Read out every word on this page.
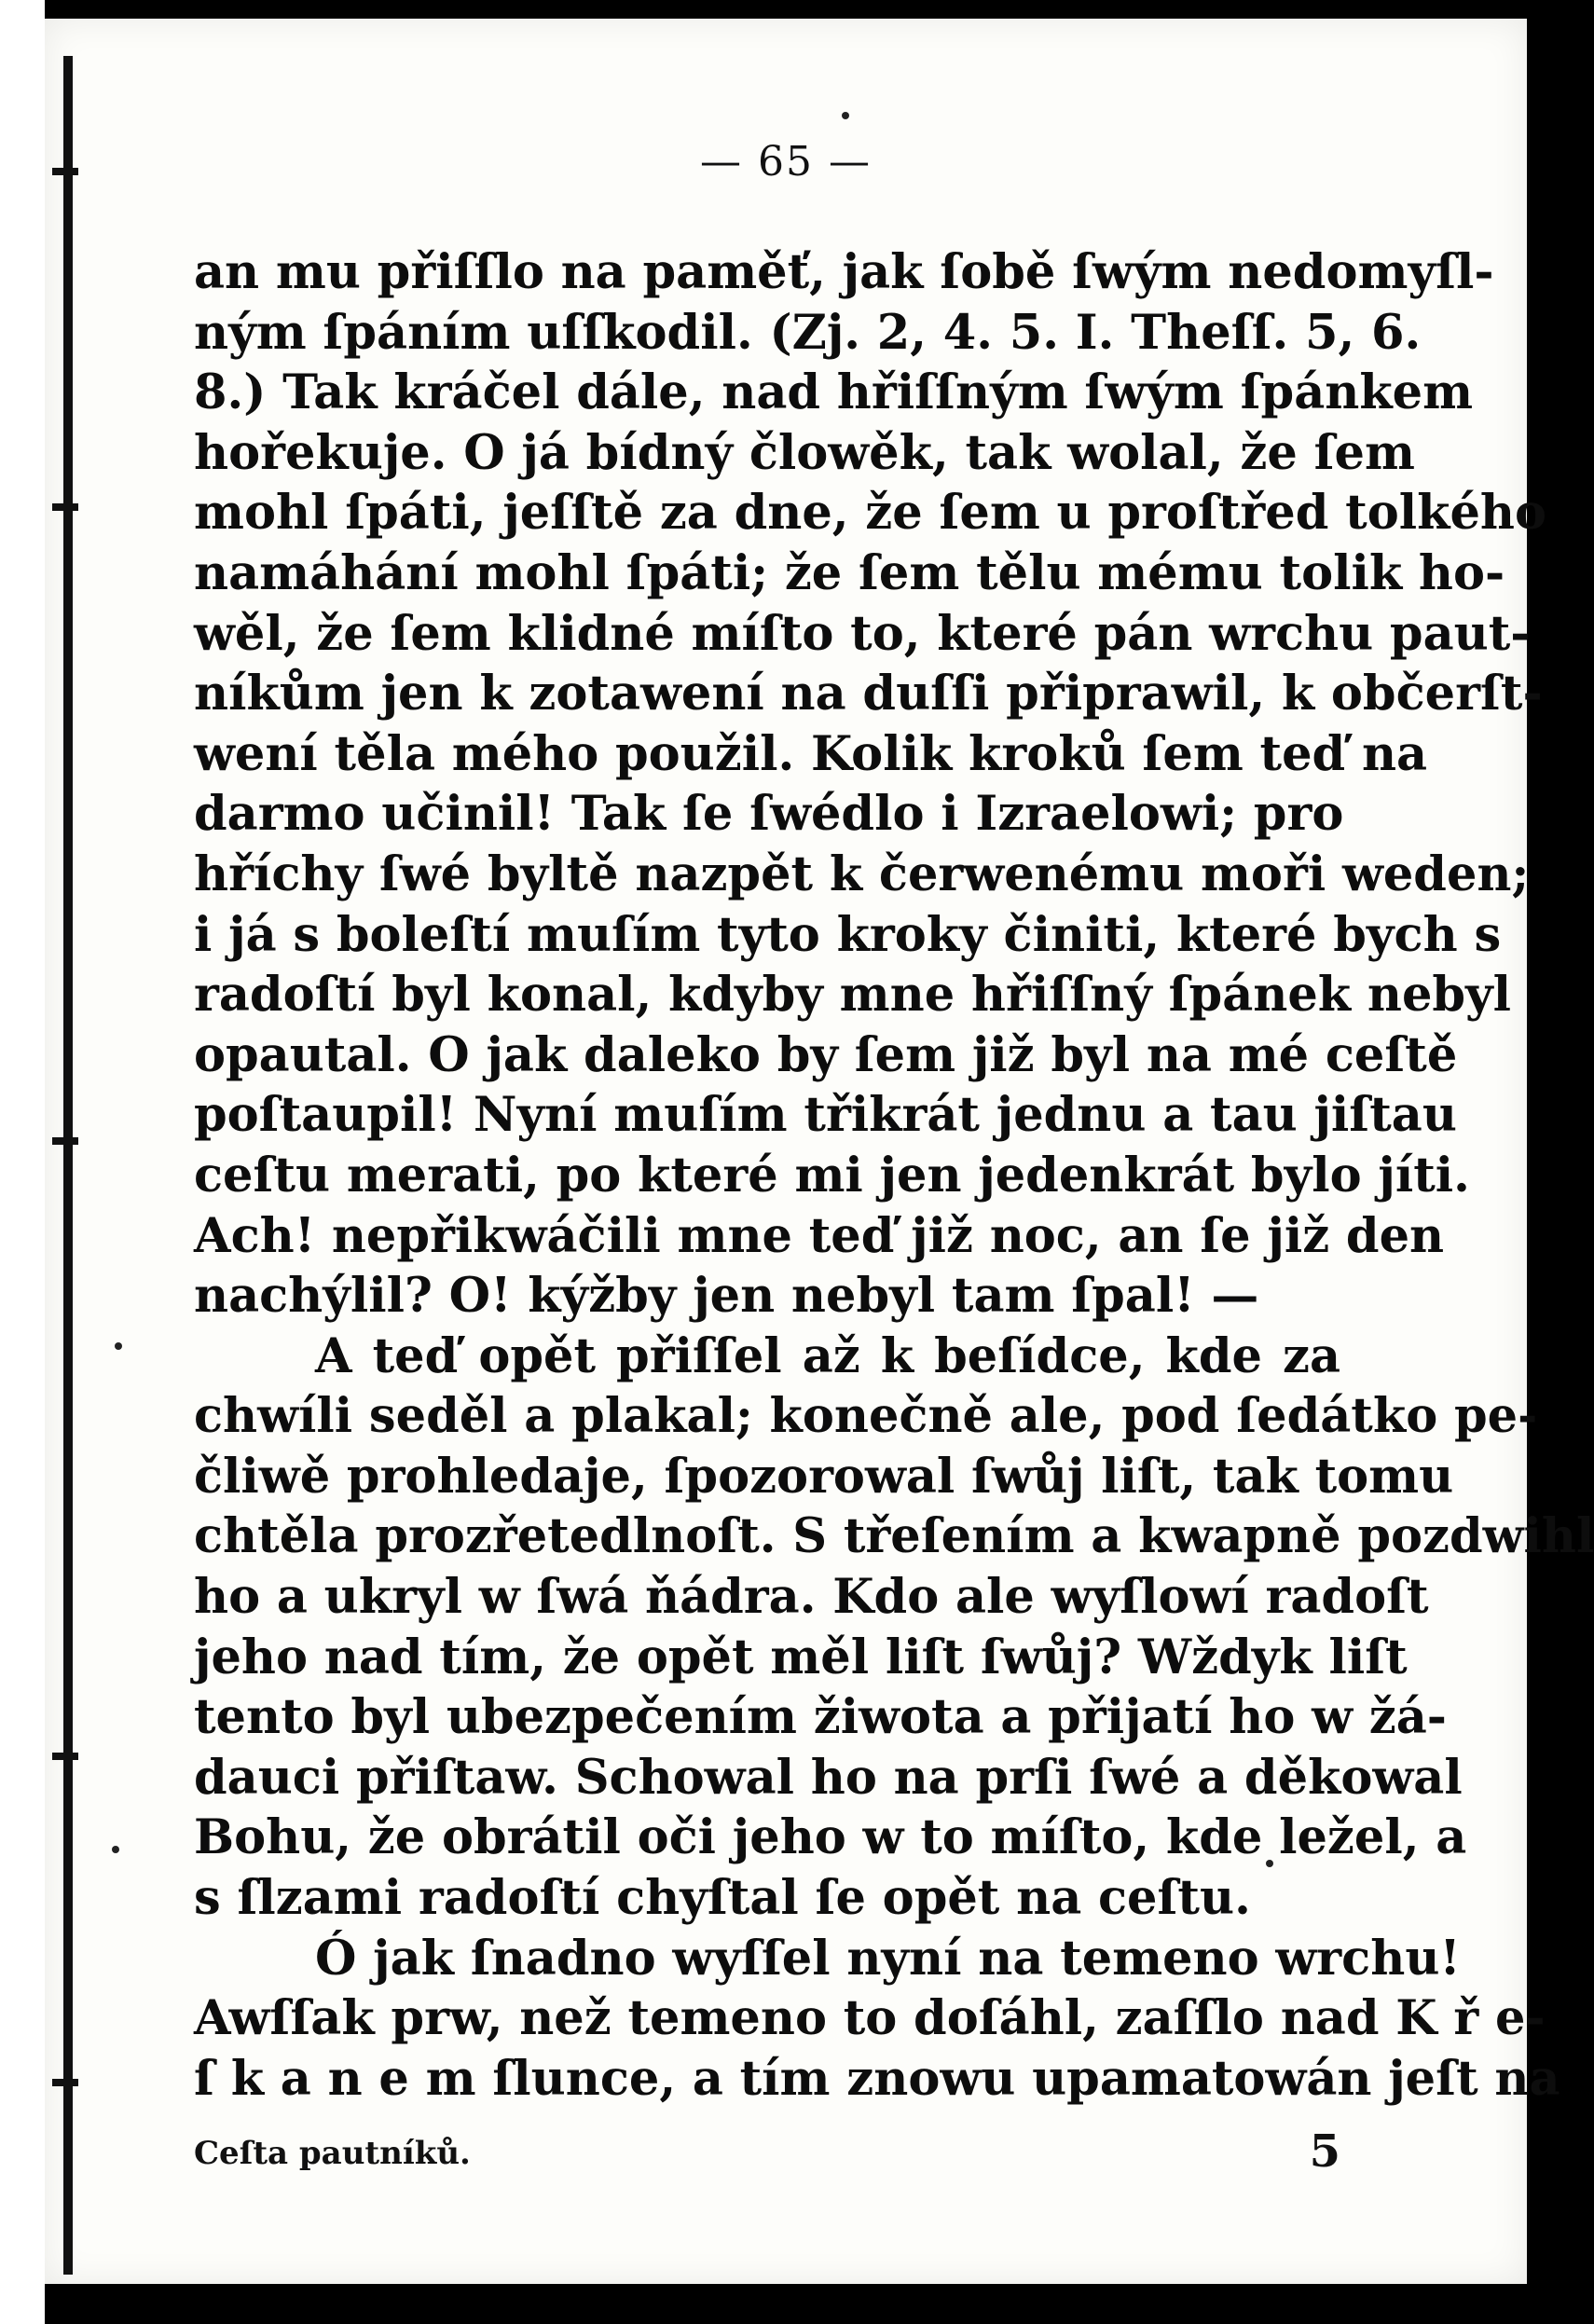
— 65 —
an mu přiſſlo na paměť, jak ſobě ſwým nedomyſl-
ným ſpáním uſſkodil. (Zj. 2, 4. 5. I. Theſſ. 5, 6.
8.) Tak kráčel dále, nad hřiſſným ſwým ſpánkem
hořekuje. O já bídný člowěk, tak wolal, že ſem
mohl ſpáti, jeſſtě za dne, že ſem u proſtřed tolkého
namáhání mohl ſpáti; že ſem tělu mému tolik ho-
wěl, že ſem klidné míſto to, které pán wrchu paut-
níkům jen k zotawení na duſſi připrawil, k občerſt-
wení těla mého použil. Kolik kroků ſem teď na
darmo učinil! Tak ſe ſwédlo i Izraelowi; pro
hříchy ſwé byltě nazpět k čerwenému moři weden;
i já s boleſtí muſím tyto kroky činiti, které bych s
radoſtí byl konal, kdyby mne hřiſſný ſpánek nebyl
opautal. O jak daleko by ſem již byl na mé ceſtě
poſtaupil! Nyní muſím třikrát jednu a tau jiſtau
ceſtu merati, po které mi jen jedenkrát bylo jíti.
Ach! nepřikwáčili mne teď již noc, an ſe již den
nachýlil? O! kýžby jen nebyl tam ſpal! —
A teď opět přiſſel až k beſídce, kde za
chwíli seděl a plakal; konečně ale, pod ſedátko pe-
čliwě prohledaje, ſpozorowal ſwůj liſt, tak tomu
chtěla prozřetedlnoſt. S třeſením a kwapně pozdwihl
ho a ukryl w ſwá ňádra. Kdo ale wyſlowí radoſt
jeho nad tím, že opět měl liſt ſwůj? Wždyk liſt
tento byl ubezpečením žiwota a přijatí ho w žá-
dauci přiſtaw. Schowal ho na prſi ſwé a děkowal
Bohu, že obrátil oči jeho w to míſto, kde ležel, a
s ſlzami radoſtí chyſtal ſe opět na ceſtu.
Ó jak ſnadno wyſſel nyní na temeno wrchu!
Awſſak prw, než temeno to doſáhl, zaſſlo nad K ř e-
ſ k a n e m ſlunce, a tím znowu upamatowán jeſt na
Ceſta pautníků.	5
